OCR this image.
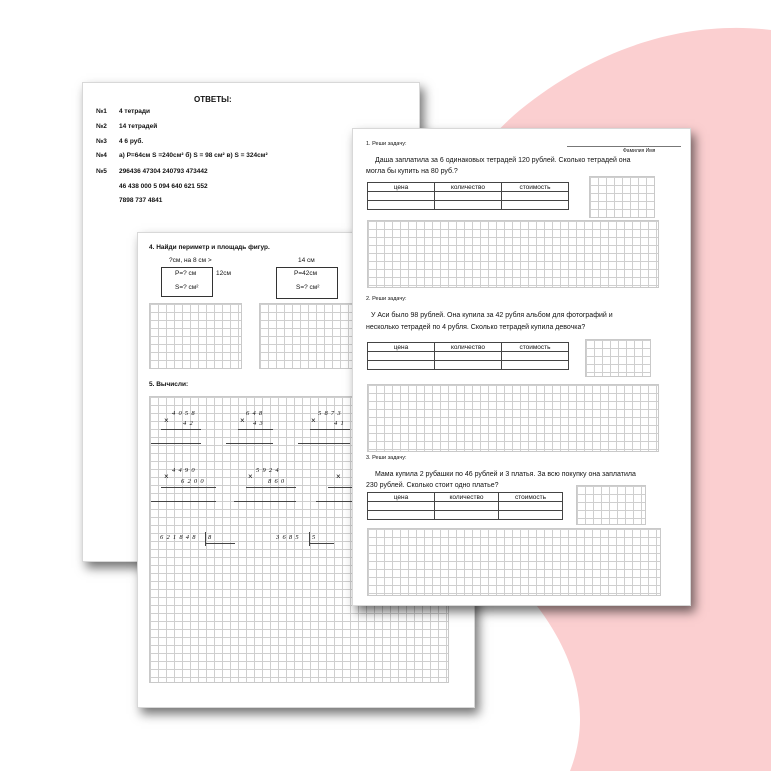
ОТВЕТЫ:
№1 4 тетради
№2 14 тетрадей
№3 4 6 руб.
№4 а) Р=64см S =240см² б) S = 98 см² в) S = 324см²
№5 296436 47304 240793 473442
46 438 000 5 094 640 621 552
7898 737 4841
4. Найди периметр и площадь фигур.
?см, на 8 см >
Р=? см
S=? см²
12см
14 см
Р=42см
S=? см²
5. Вычисли:
×
4058
42	×
648
43	×
5873
41
×
4490
6200
×
5924
860
×
621848 8	3685 5
Фамилия Имя
1. Реши задачу:
Даша заплатила за 6 одинаковых тетрадей 120 рублей. Сколько тетрадей она
могла бы купить на 80 руб.?
цена	количество	стоимость

2. Реши задачу:
У Аси было 98 рублей. Она купила за 42 рубля альбом для фотографий и
несколько тетрадей по 4 рубля. Сколько тетрадей купила девочка?
цена	количество	стоимость

3. Реши задачу:
Мама купила 2 рубашки по 46 рублей и 3 платья. За всю покупку она заплатила
230 рублей. Сколько стоит одно платье?
цена	количество	стоимость
